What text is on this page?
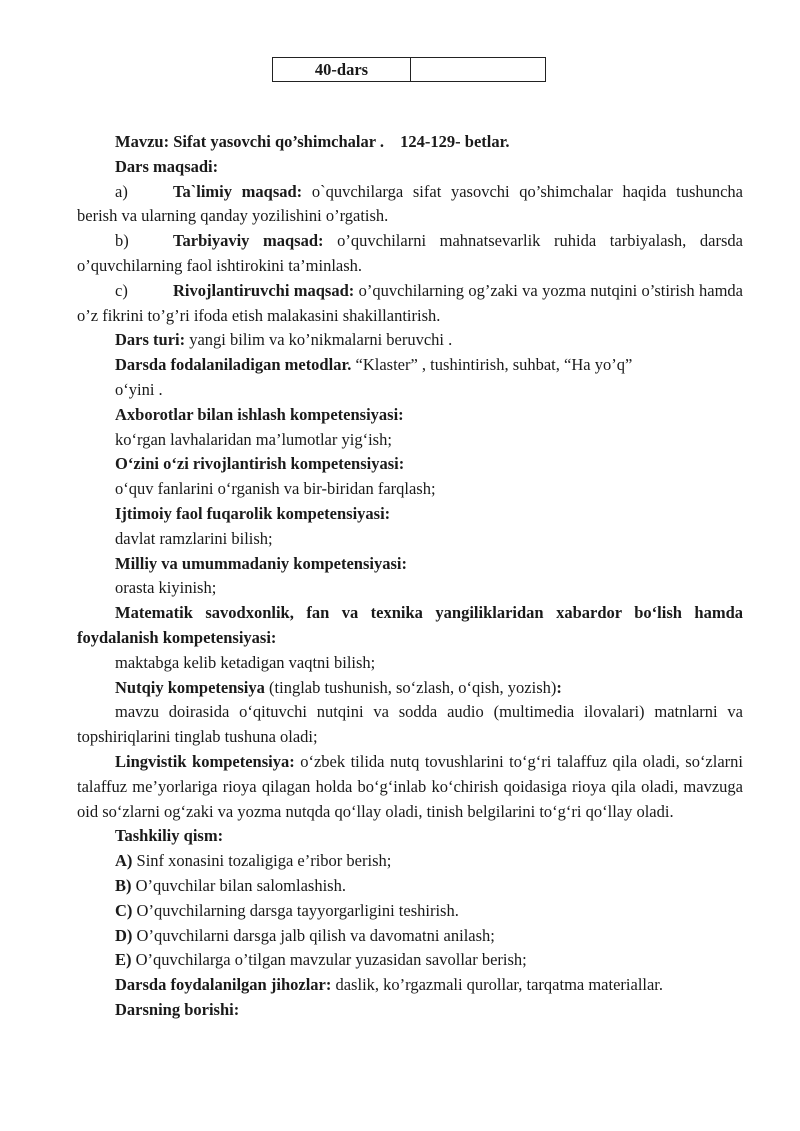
40-dars	

Mavzu: Sifat yasovchi qo’shimchalar . 124-129- betlar.

Dars maqsadi:

a)	Ta`limiy maqsad: o`quvchilarga sifat yasovchi qo’shimchalar haqida tushuncha berish va ularning qanday yozilishini o’rgatish.

b)	Tarbiyaviy maqsad: o’quvchilarni mahnatsevarlik ruhida tarbiyalash, darsda o’quvchilarning faol ishtirokini ta’minlash.

c)	Rivojlantiruvchi maqsad: o’quvchilarning og’zaki va yozma nutqini o’stirish hamda o’z fikrini to’g’ri ifoda etish malakasini shakillantirish.

Dars turi: yangi bilim va ko’nikmalarni beruvchi .

Darsda fodalaniladigan metodlar. “Klaster” , tushintirish, suhbat, “Ha yo’q”
o‘yini .

Axborotlar bilan ishlash kompetensiyasi:

ko‘rgan lavhalaridan ma’lumotlar yig‘ish;

O‘zini o‘zi rivojlantirish kompetensiyasi:

o‘quv fanlarini o‘rganish va bir-biridan farqlash;

Ijtimoiy faol fuqarolik kompetensiyasi:

davlat ramzlarini bilish;

Milliy va umummadaniy kompetensiyasi:

orasta kiyinish;

Matematik savodxonlik, fan va texnika yangiliklaridan xabardor bo‘lish hamda foydalanish kompetensiyasi:

maktabga kelib ketadigan vaqtni bilish;

Nutqiy kompetensiya (tinglab tushunish, so‘zlash, o‘qish, yozish):

mavzu doirasida o‘qituvchi nutqini va sodda audio (multimedia ilovalari) matnlarni va topshiriqlarini tinglab tushuna oladi;

Lingvistik kompetensiya: o‘zbek tilida nutq tovushlarini to‘g‘ri talaffuz qila oladi, so‘zlarni talaffuz me’yorlariga rioya qilagan holda bo‘g‘inlab ko‘chirish qoidasiga rioya qila oladi, mavzuga oid so‘zlarni og‘zaki va yozma nutqda qo‘llay oladi, tinish belgilarini to‘g‘ri qo‘llay oladi.

Tashkiliy qism:

A) Sinf xonasini tozaligiga e’ribor berish;

B) O’quvchilar bilan salomlashish.

C) O’quvchilarning darsga tayyorgarligini teshirish.

D) O’quvchilarni darsga jalb qilish va davomatni anilash;

E) O’quvchilarga o’tilgan mavzular yuzasidan savollar berish;

Darsda foydalanilgan jihozlar: daslik, ko’rgazmali qurollar, tarqatma materiallar.

Darsning borishi:
